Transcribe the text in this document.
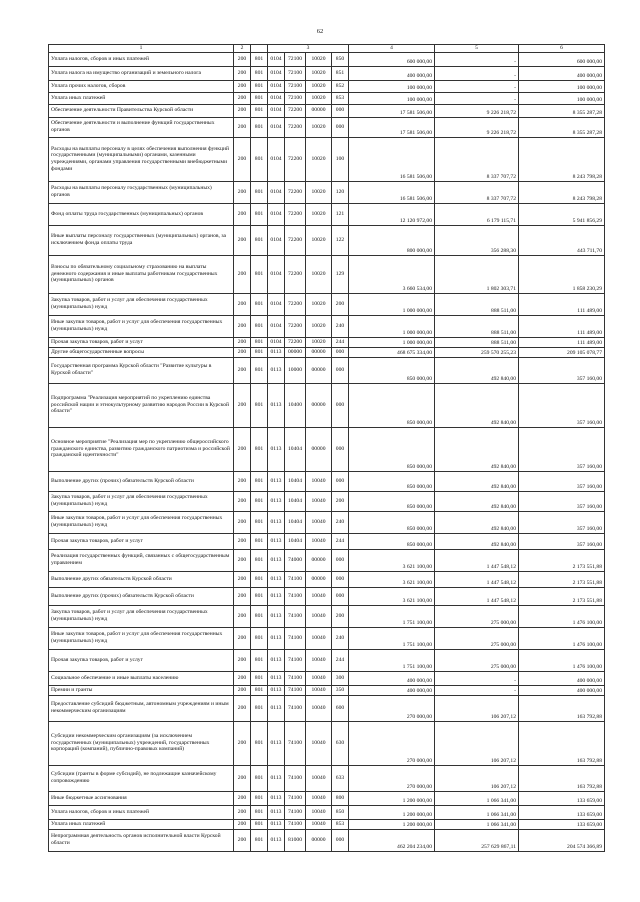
62
1	2		3				4	5	6
Уплата налогов, сборов и иных платежей	200	801	0104	72100	10020	850	600 000,00	-	600 000,00
Уплата налога на имущество организаций и земельного налога	200	801	0104	72100	10020	851	400 000,00	-	400 000,00
Уплата прочих налогов, сборов	200	801	0104	72100	10020	852	100 000,00	-	100 000,00
Уплата иных платежей	200	801	0104	72100	10020	853	100 000,00	-	100 000,00
Обеспечение деятельности Правительства Курской области	200	801	0104	72200	00000	000	17 581 506,00	9 226 218,72	8 355 287,28
Обеспечение деятельности и выполнение функций государственных органов	200	801	0104	72200	10020	000	17 581 506,00	9 226 218,72	8 355 287,28
Расходы на выплаты персоналу в целях обеспечения выполнения функций государственными (муниципальными) органами, казенными учреждениями, органами управления государственными внебюджетными фондами	200	801	0104	72200	10020	100	16 581 506,00	8 337 707,72	8 243 798,28
Расходы на выплаты персоналу государственных (муниципальных) органов	200	801	0104	72200	10020	120	16 581 506,00	8 337 707,72	8 243 798,28
Фонд оплаты труда государственных (муниципальных) органов	200	801	0104	72200	10020	121	12 120 972,00	6 179 115,71	5 941 856,29
Иные выплаты персоналу государственных (муниципальных) органов, за исключением фонда оплаты труда	200	801	0104	72200	10020	122	800 000,00	356 288,30	443 711,70
Взносы по обязательному социальному страхованию на выплаты денежного содержания и иные выплаты работникам государственных (муниципальных) органов	200	801	0104	72200	10020	129	3 660 534,00	1 802 303,71	1 858 230,29
Закупка товаров, работ и услуг для обеспечения государственных (муниципальных) нужд	200	801	0104	72200	10020	200	1 000 000,00	888 511,00	111 489,00
Иные закупки товаров, работ и услуг для обеспечения государственных (муниципальных) нужд	200	801	0104	72200	10020	240	1 000 000,00	888 511,00	111 489,00
Прочая закупка товаров, работ и услуг	200	801	0104	72200	10020	244	1 000 000,00	888 511,00	111 489,00
Другие общегосударственные вопросы	200	801	0113	00000	00000	000	468 675 334,00	259 570 255,23	209 105 078,77
Государственная программа Курской области "Развитие культуры в Курской области"	200	801	0113	10000	00000	000	850 000,00	492 840,00	357 160,00
Подпрограмма "Реализация мероприятий по укреплению единства российской нации и этнокультурному развитию народов России в Курской области"	200	801	0113	10400	00000	000	850 000,00	492 840,00	357 160,00
Основное мероприятие "Реализация мер по укреплению общероссийского гражданского единства, развитию гражданского патриотизма и российской гражданской идентичности"	200	801	0113	10404	00000	000	850 000,00	492 840,00	357 160,00
Выполнение других (прочих) обязательств Курской области	200	801	0113	10404	10040	000	850 000,00	492 840,00	357 160,00
Закупка товаров, работ и услуг для обеспечения государственных (муниципальных) нужд	200	801	0113	10404	10040	200	850 000,00	492 840,00	357 160,00
Иные закупки товаров, работ и услуг для обеспечения государственных (муниципальных) нужд	200	801	0113	10404	10040	240	850 000,00	492 840,00	357 160,00
Прочая закупка товаров, работ и услуг	200	801	0113	10404	10040	244	850 000,00	492 840,00	357 160,00
Реализация государственных функций, связанных с общегосударственным управлением	200	801	0113	74000	00000	000	3 621 100,00	1 447 548,12	2 173 551,88
Выполнение других обязательств Курской области	200	801	0113	74100	00000	000	3 621 100,00	1 447 548,12	2 173 551,88
Выполнение других (прочих) обязательств Курской области	200	801	0113	74100	10040	000	3 621 100,00	1 447 548,12	2 173 551,88
Закупка товаров, работ и услуг для обеспечения государственных (муниципальных) нужд	200	801	0113	74100	10040	200	1 751 100,00	275 000,00	1 476 100,00
Иные закупки товаров, работ и услуг для обеспечения государственных (муниципальных) нужд	200	801	0113	74100	10040	240	1 751 100,00	275 000,00	1 476 100,00
Прочая закупка товаров, работ и услуг	200	801	0113	74100	10040	244	1 751 100,00	275 000,00	1 476 100,00
Социальное обеспечение и иные выплаты населению	200	801	0113	74100	10040	300	400 000,00	-	400 000,00
Премии и гранты	200	801	0113	74100	10040	350	400 000,00	-	400 000,00
Предоставление субсидий бюджетным, автономным учреждениям и иным некоммерческим организациям	200	801	0113	74100	10040	600	270 000,00	106 207,12	163 792,88
Субсидии некоммерческим организациям (за исключением государственных (муниципальных) учреждений, государственных корпораций (компаний), публично-правовых компаний)	200	801	0113	74100	10040	630	270 000,00	106 207,12	163 792,88
Субсидии (гранты в форме субсидий), не подлежащие казначейскому сопровождению	200	801	0113	74100	10040	633	270 000,00	106 207,12	163 792,88
Иные бюджетные ассигнования	200	801	0113	74100	10040	800	1 200 000,00	1 066 341,00	133 659,00
Уплата налогов, сборов и иных платежей	200	801	0113	74100	10040	850	1 200 000,00	1 066 341,00	133 659,00
Уплата иных платежей	200	801	0113	74100	10040	853	1 200 000,00	1 066 341,00	133 659,00
Непрограммная деятельность органов исполнительной власти Курской области	200	801	0113	81000	00000	000	462 204 234,00	257 629 867,11	204 574 366,89
